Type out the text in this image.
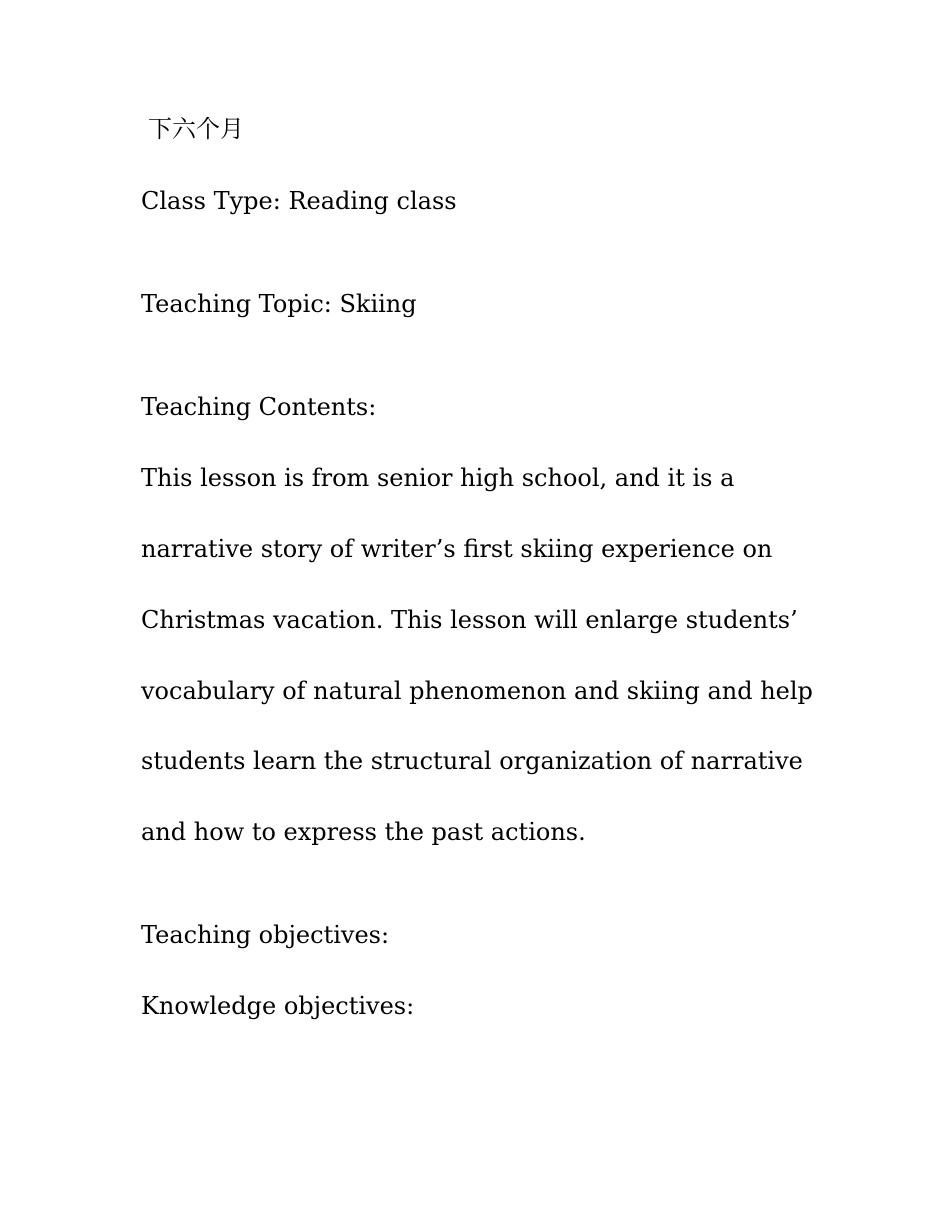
下六个月

Class Type: Reading class

Teaching Topic: Skiing

Teaching Contents:

This lesson is from senior high school, and it is a

narrative story of writer’s first skiing experience on

Christmas vacation. This lesson will enlarge students’

vocabulary of natural phenomenon and skiing and help

students learn the structural organization of narrative

and how to express the past actions.

Teaching objectives:

Knowledge objectives:
